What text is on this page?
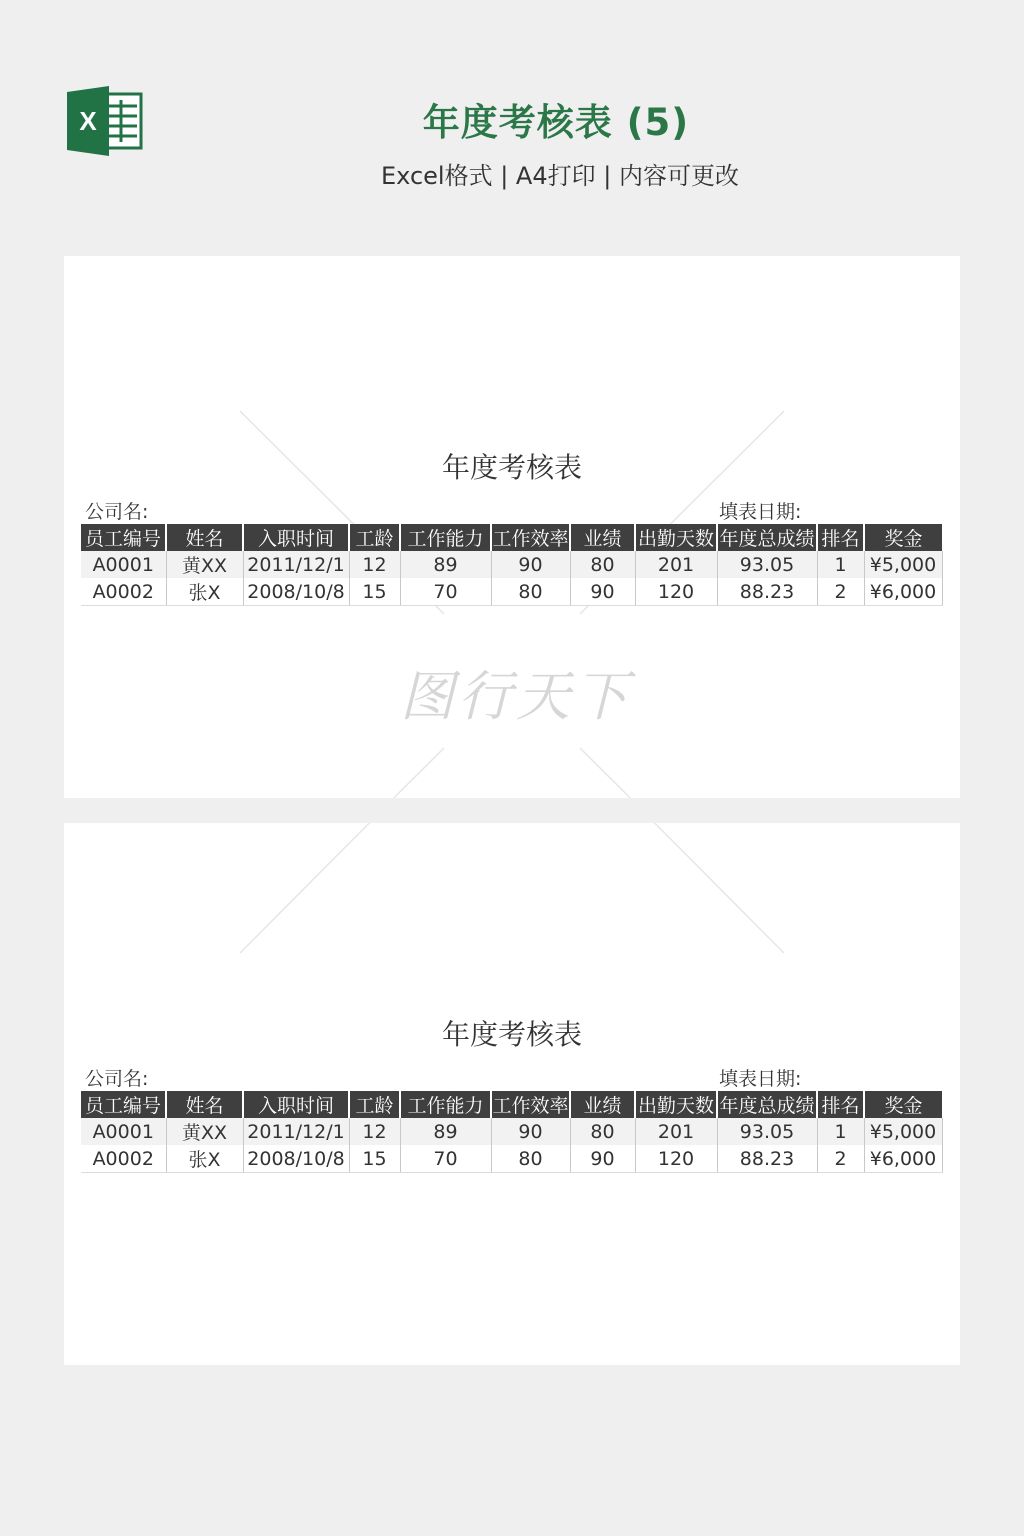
X	年度考核表 (5)
Excel格式 | A4打印 | 内容可更改
图行天下
年度考核表
公司名:	填表日期:
员工编号	姓名	入职时间	工龄	工作能力	工作效率	业绩	出勤天数	年度总成绩	排名	奖金
A0001	黄XX	2011/12/1	12	89	90	80	201	93.05	1	¥5,000
A0002	张X	2008/10/8	15	70	80	90	120	88.23	2	¥6,000
年度考核表
公司名:	填表日期:
员工编号	姓名	入职时间	工龄	工作能力	工作效率	业绩	出勤天数	年度总成绩	排名	奖金
A0001	黄XX	2011/12/1	12	89	90	80	201	93.05	1	¥5,000
A0002	张X	2008/10/8	15	70	80	90	120	88.23	2	¥6,000
